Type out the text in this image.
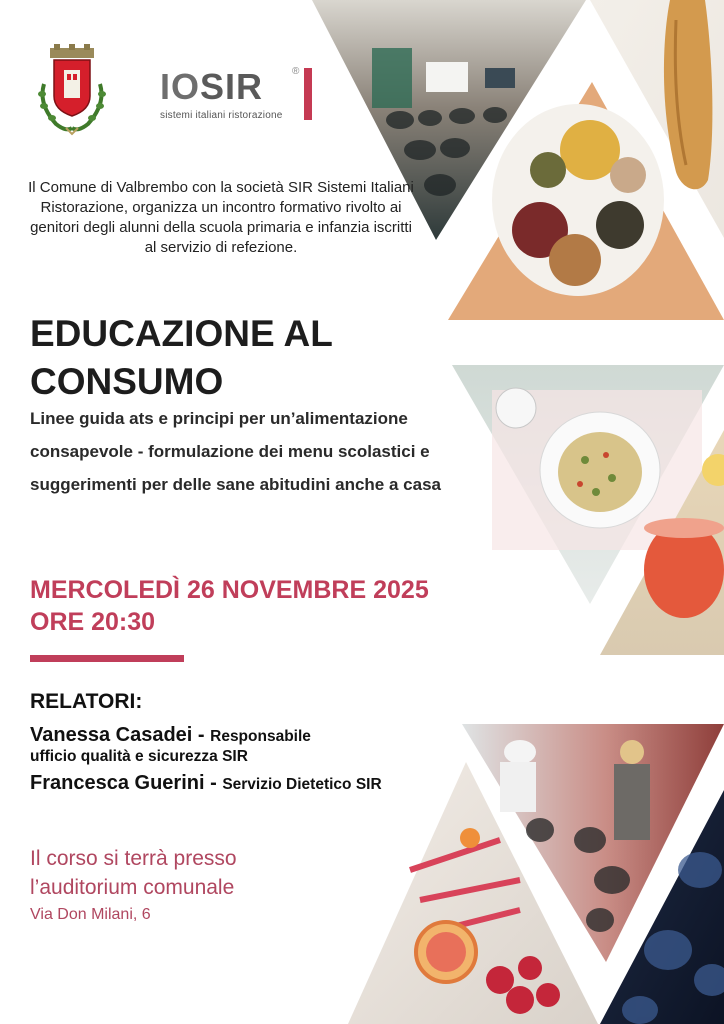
IOSIR	®
sistemi italiani ristorazione
Il Comune di Valbrembo con la società SIR Sistemi Italiani Ristorazione, organizza un incontro formativo rivolto ai genitori degli alunni della scuola primaria e infanzia iscritti al servizio di refezione.
EDUCAZIONE AL
CONSUMO
Linee guida ats e principi per un’alimentazione consapevole - formulazione dei menu scolastici e suggerimenti per delle sane abitudini anche a casa
MERCOLEDÌ 26 NOVEMBRE 2025
ORE 20:30
RELATORI:
Vanessa Casadei - Responsabile
ufficio qualità e sicurezza SIR
Francesca Guerini - Servizio Dietetico SIR
Il corso si terrà presso
l’auditorium comunale
Via Don Milani, 6
